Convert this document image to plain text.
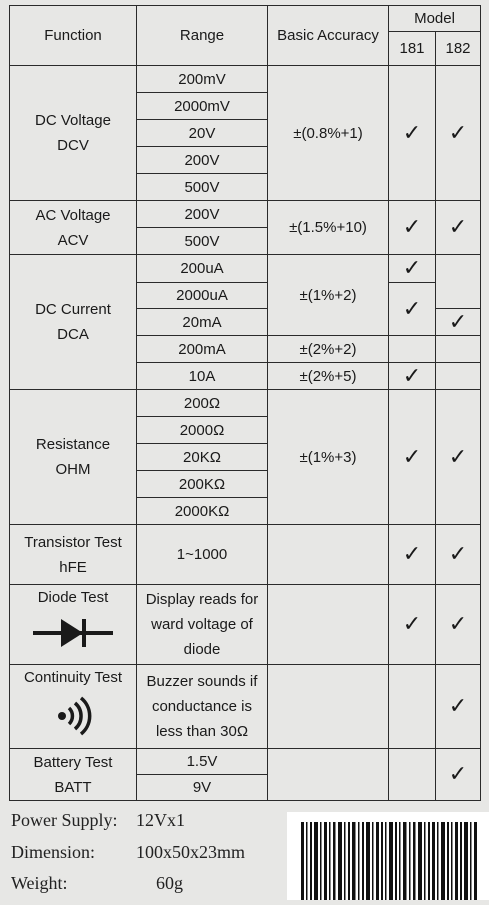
Function	Range	Basic Accuracy	Model	
			181	182

DC Voltage
DCV	200mV	±(0.8%+1)	✓	✓
	2000mV			
	20V			
	200V			
	500V			

AC Voltage
ACV	200V	±(1.5%+10)	✓	✓
	500V			

DC Current
DCA	200uA	±(1%+2)	✓	
	2000uA		✓	
	20mA			✓
	200mA	±(2%+2)		
	10A	±(2%+5)	✓	

Resistance
OHM	200Ω	±(1%+3)	✓	✓
	2000Ω			
	20KΩ			
	200KΩ			
	2000KΩ			

Transistor Test
hFE	1~1000		✓	✓

Diode Test	Display reads for
ward voltage of
diode		✓	✓

Continuity Test	Buzzer sounds if
conductance is
less than 30Ω			✓

Battery Test
BATT	1.5V			✓
	9V			
Power Supply: 12Vx1
Dimension: 100x50x23mm
Weight:	60g
